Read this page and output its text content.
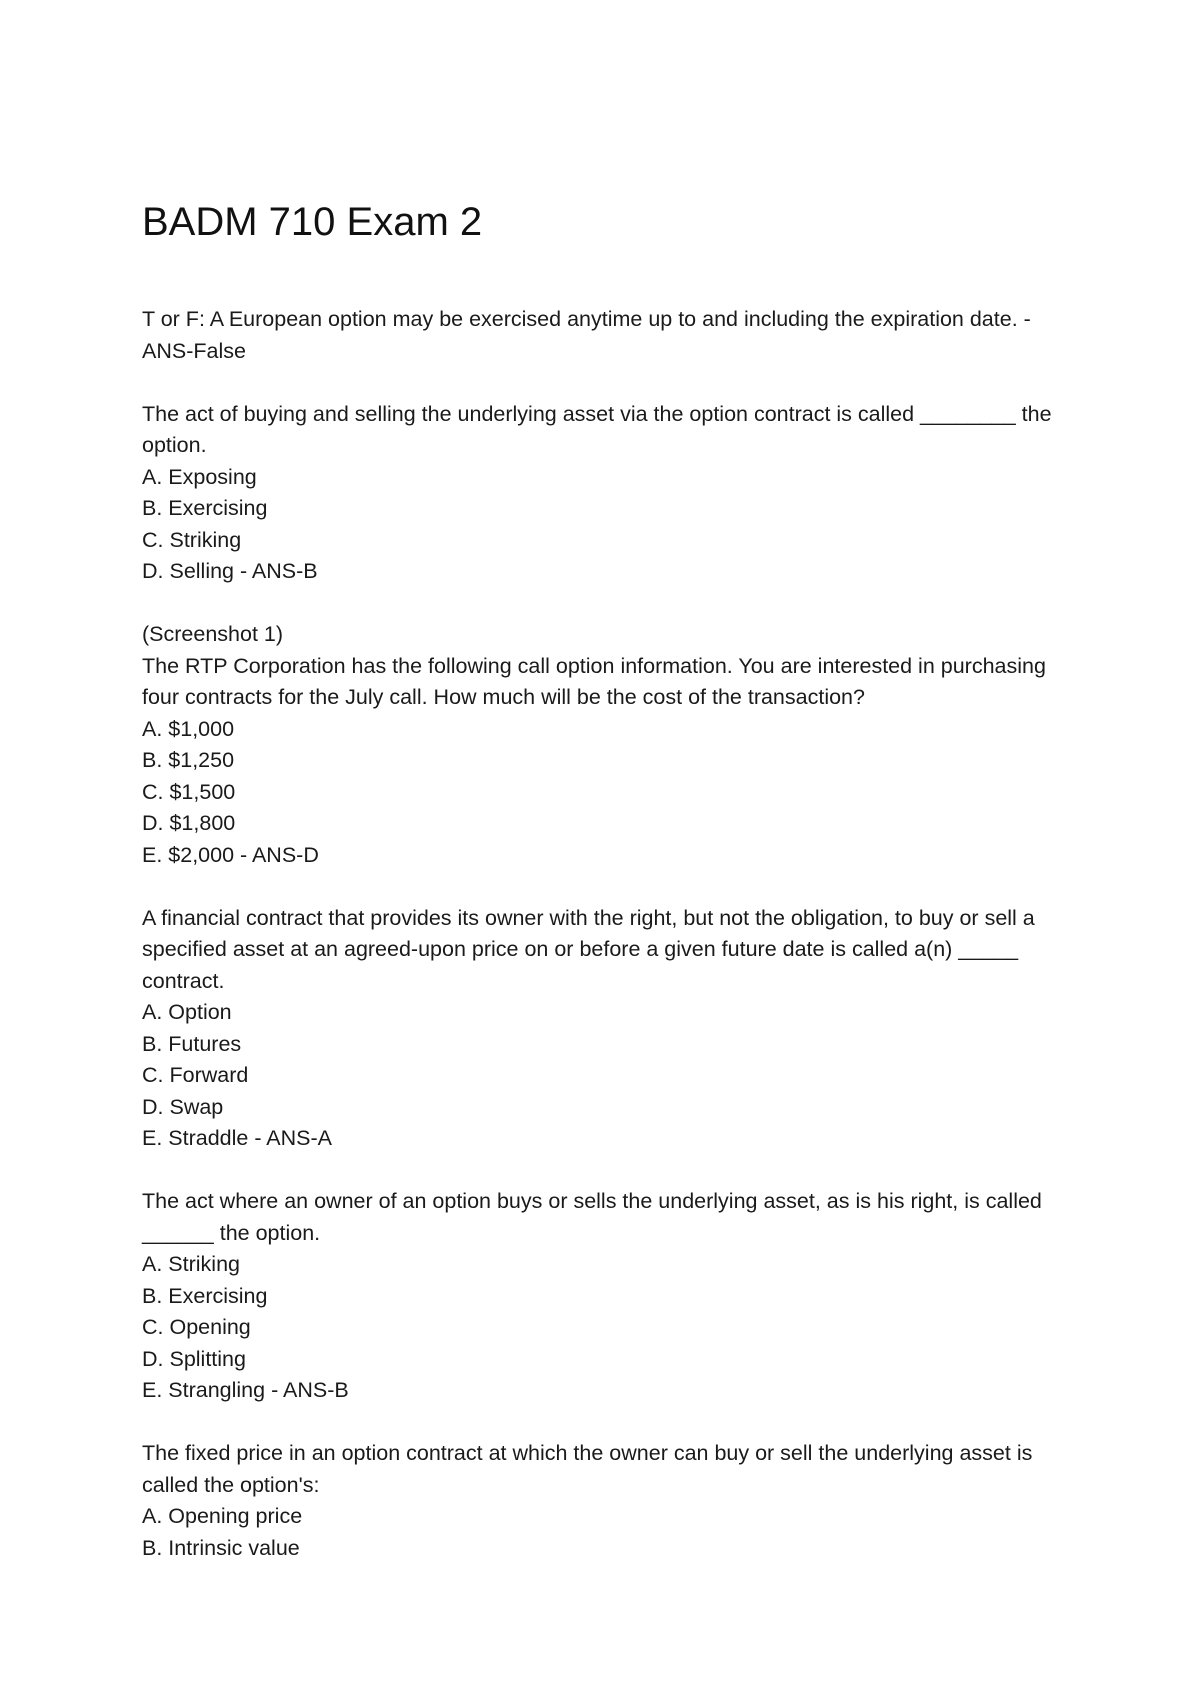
BADM 710 Exam 2

T or F: A European option may be exercised anytime up to and including the expiration date. - ANS-False

The act of buying and selling the underlying asset via the option contract is called ________ the option.

A. Exposing
B. Exercising
C. Striking
D. Selling - ANS-B

(Screenshot 1)

The RTP Corporation has the following call option information. You are interested in purchasing four contracts for the July call. How much will be the cost of the transaction?

A. $1,000
B. $1,250
C. $1,500
D. $1,800
E. $2,000 - ANS-D

A financial contract that provides its owner with the right, but not the obligation, to buy or sell a specified asset at an agreed-upon price on or before a given future date is called a(n) _____ contract.

A. Option
B. Futures
C. Forward
D. Swap
E. Straddle - ANS-A

The act where an owner of an option buys or sells the underlying asset, as is his right, is called ______ the option.

A. Striking
B. Exercising
C. Opening
D. Splitting
E. Strangling - ANS-B

The fixed price in an option contract at which the owner can buy or sell the underlying asset is called the option's:

A. Opening price
B. Intrinsic value
